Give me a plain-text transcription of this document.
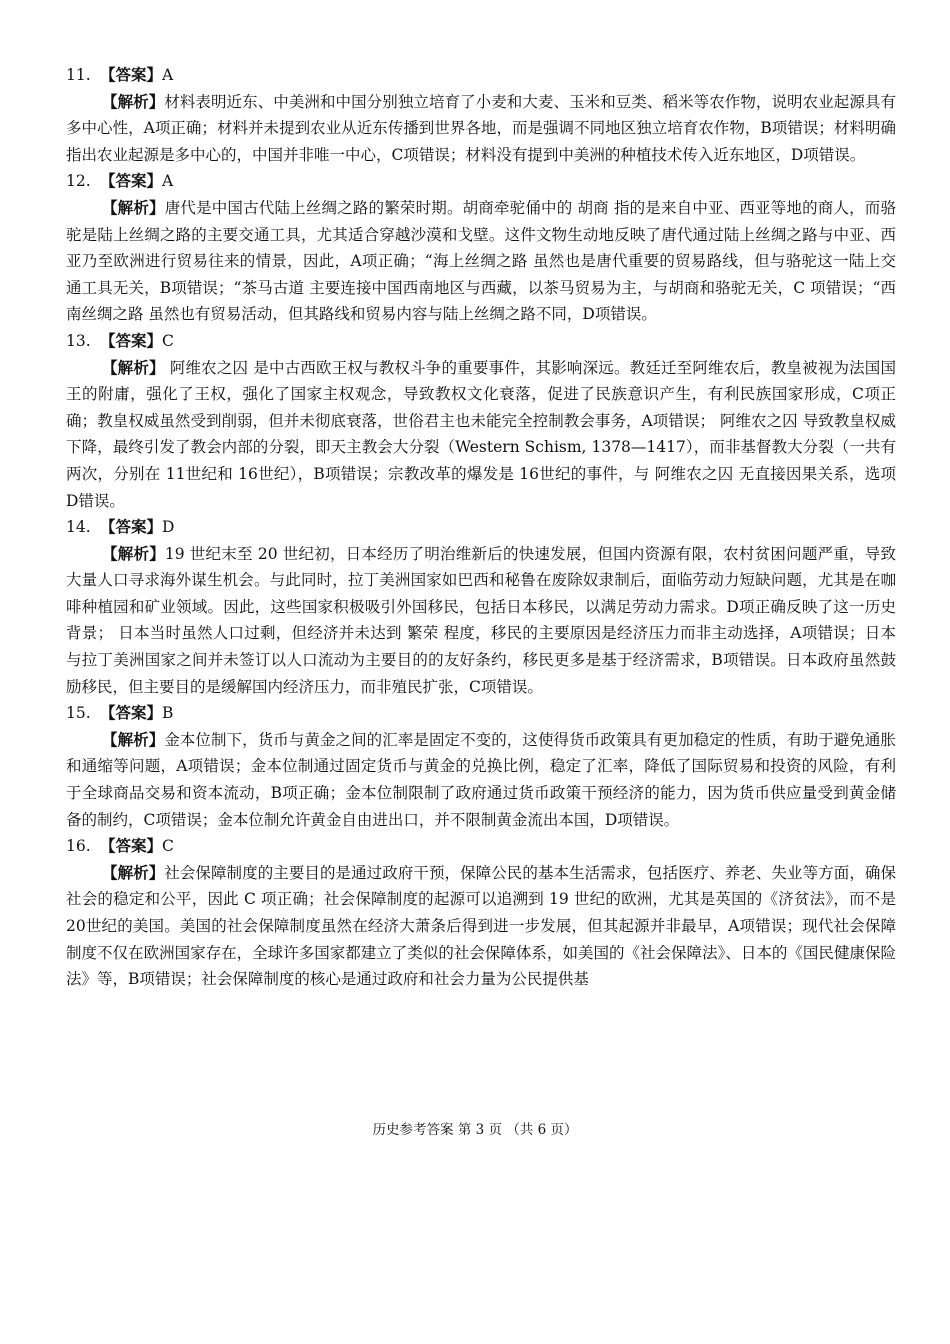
11. 【答案】 A

【解析】材料表明近东、中美洲和中国分别独立培育了小麦和大麦、玉米和豆类、稻米等农作物，说明农业起源具有多中心性，A项正确；材料并未提到农业从近东传播到世界各地，而是强调不同地区独立培育农作物，B项错误；材料明确指出农业起源是多中心的，中国并非唯一中心，C项错误；材料没有提到中美洲的种植技术传入近东地区，D项错误。

12. 【答案】 A

【解析】唐代是中国古代陆上丝绸之路的繁荣时期。胡商牵驼俑中的 胡商 指的是来自中亚、西亚等地的商人，而骆驼是陆上丝绸之路的主要交通工具，尤其适合穿越沙漠和戈壁。这件文物生动地反映了唐代通过陆上丝绸之路与中亚、西亚乃至欧洲进行贸易往来的情景，因此，A项正确；“海上丝绸之路 虽然也是唐代重要的贸易路线，但与骆驼这一陆上交通工具无关，B项错误；“茶马古道 主要连接中国西南地区与西藏，以茶马贸易为主，与胡商和骆驼无关，C 项错误；“西南丝绸之路 虽然也有贸易活动，但其路线和贸易内容与陆上丝绸之路不同，D项错误。

13. 【答案】 C

【解析】 阿维农之囚 是中古西欧王权与教权斗争的重要事件，其影响深远。教廷迁至阿维农后，教皇被视为法国国王的附庸，强化了王权，强化了国家主权观念，导致教权文化衰落，促进了民族意识产生，有利民族国家形成，C项正确；教皇权威虽然受到削弱，但并未彻底衰落，世俗君主也未能完全控制教会事务，A项错误； 阿维农之囚 导致教皇权威下降，最终引发了教会内部的分裂，即天主教会大分裂（Western Schism, 1378—1417），而非基督教大分裂（一共有两次，分别在 11世纪和 16世纪），B项错误；宗教改革的爆发是 16世纪的事件，与 阿维农之囚 无直接因果关系，选项 D错误。

14. 【答案】 D

【解析】19 世纪末至 20 世纪初，日本经历了明治维新后的快速发展，但国内资源有限，农村贫困问题严重，导致大量人口寻求海外谋生机会。与此同时，拉丁美洲国家如巴西和秘鲁在废除奴隶制后，面临劳动力短缺问题，尤其是在咖啡种植园和矿业领域。因此，这些国家积极吸引外国移民，包括日本移民，以满足劳动力需求。D项正确反映了这一历史背景； 日本当时虽然人口过剩，但经济并未达到 繁荣 程度，移民的主要原因是经济压力而非主动选择，A项错误；日本与拉丁美洲国家之间并未签订以人口流动为主要目的的友好条约，移民更多是基于经济需求，B项错误。日本政府虽然鼓励移民，但主要目的是缓解国内经济压力，而非殖民扩张，C项错误。

15. 【答案】 B

【解析】金本位制下，货币与黄金之间的汇率是固定不变的，这使得货币政策具有更加稳定的性质，有助于避免通胀和通缩等问题，A项错误；金本位制通过固定货币与黄金的兑换比例，稳定了汇率，降低了国际贸易和投资的风险，有利于全球商品交易和资本流动，B项正确；金本位制限制了政府通过货币政策干预经济的能力，因为货币供应量受到黄金储备的制约，C项错误；金本位制允许黄金自由进出口，并不限制黄金流出本国，D项错误。

16. 【答案】 C

【解析】社会保障制度的主要目的是通过政府干预，保障公民的基本生活需求，包括医疗、养老、失业等方面，确保社会的稳定和公平，因此 C 项正确；社会保障制度的起源可以追溯到 19 世纪的欧洲，尤其是英国的《济贫法》，而不是 20世纪的美国。美国的社会保障制度虽然在经济大萧条后得到进一步发展，但其起源并非最早，A项错误；现代社会保障制度不仅在欧洲国家存在，全球许多国家都建立了类似的社会保障体系，如美国的《社会保障法》、日本的《国民健康保险法》等，B项错误；社会保障制度的核心是通过政府和社会力量为公民提供基

历史参考答案 第 3 页 （共 6 页）
